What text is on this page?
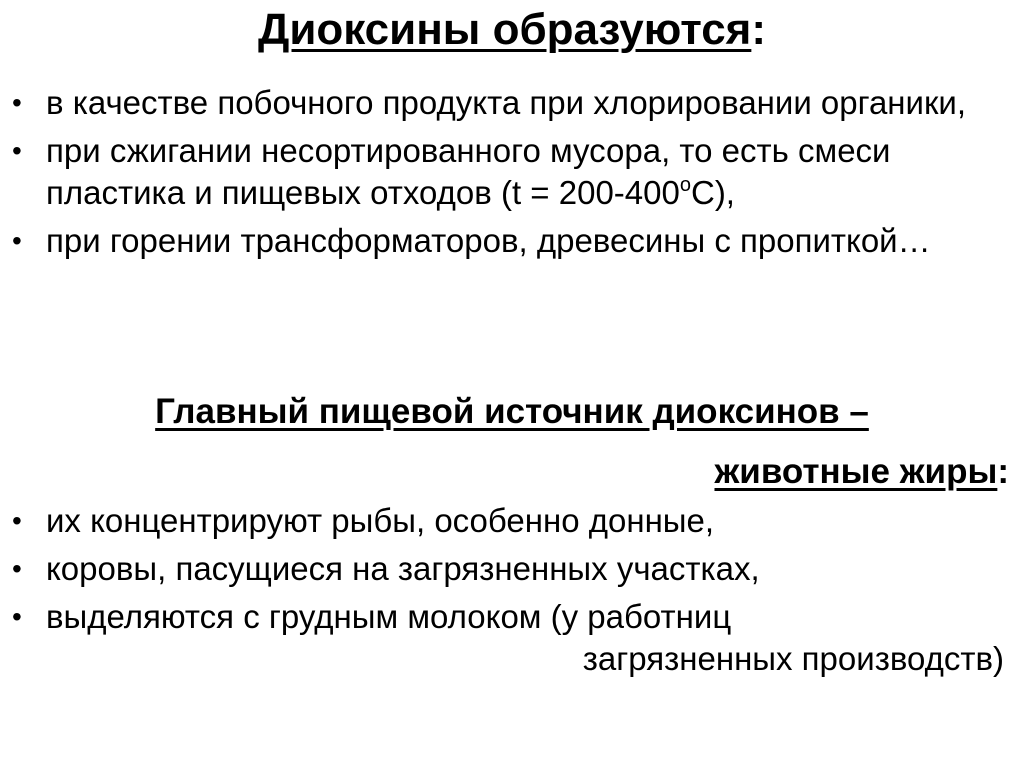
Диоксины образуются:
• в качестве побочного продукта при хлорировании органики,
• при сжигании несортированного мусора, то есть смеси пластика и пищевых отходов $(t = 200-400^оС)$,
• при горении трансформаторов, древесины с пропиткой…
Главный пищевой источник диоксинов –
животные жиры:
• их концентрируют рыбы, особенно донные,
• коровы, пасущиеся на загрязненных участках,
• выделяются с грудным молоком (у работниц
загрязненных производств)
